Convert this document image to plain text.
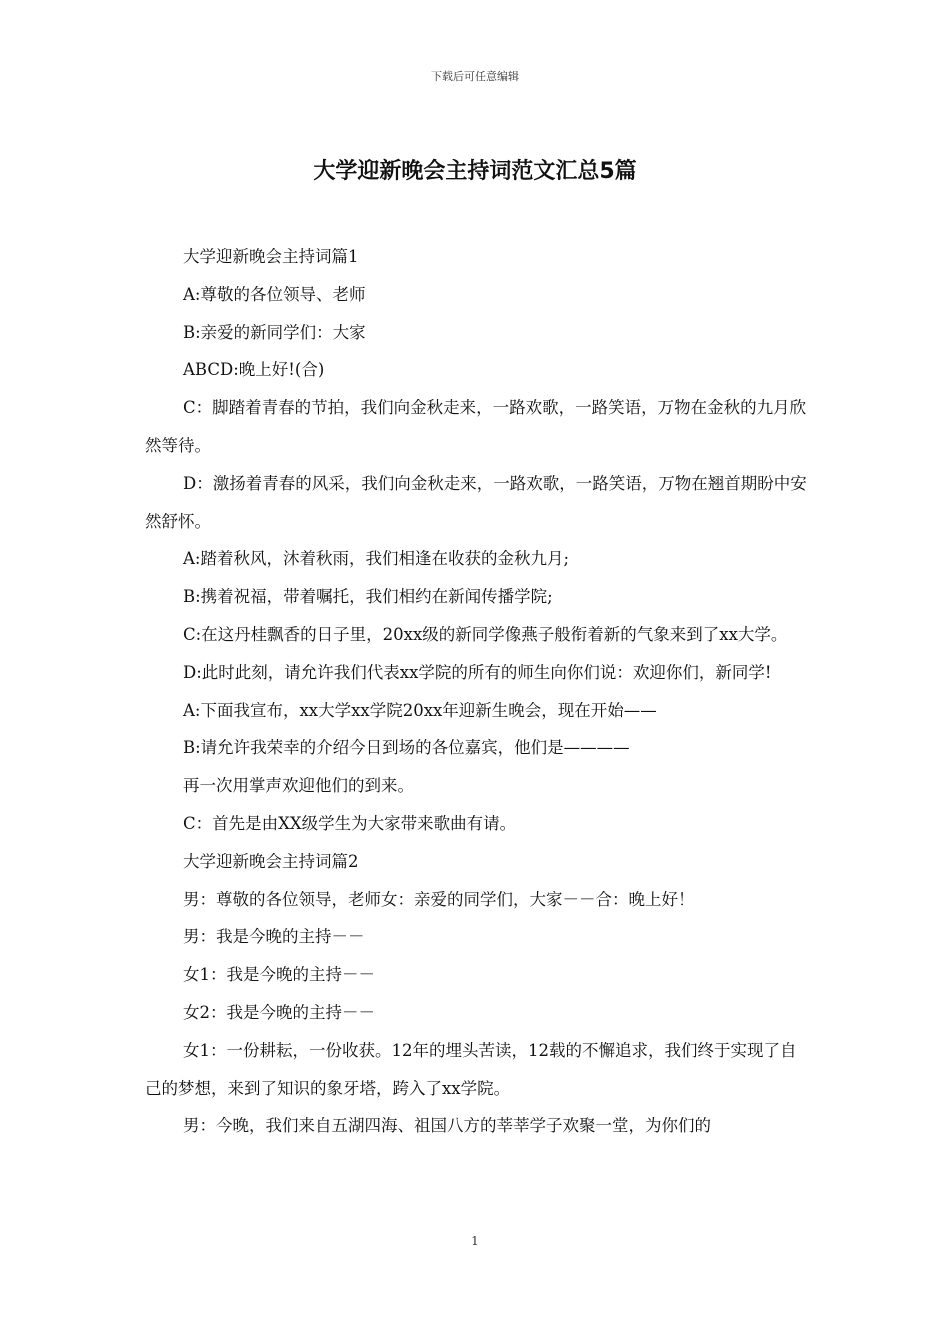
下载后可任意编辑
大学迎新晚会主持词范文汇总5篇

大学迎新晚会主持词篇1

A:尊敬的各位领导、老师

B:亲爱的新同学们：大家

ABCD:晚上好!(合)

C：脚踏着青春的节拍，我们向金秋走来，一路欢歌，一路笑语，万物在金秋的九月欣然等待。

D：激扬着青春的风采，我们向金秋走来，一路欢歌，一路笑语，万物在翘首期盼中安然舒怀。

A:踏着秋风，沐着秋雨，我们相逢在收获的金秋九月;

B:携着祝福，带着嘱托，我们相约在新闻传播学院;

C:在这丹桂飘香的日子里，20xx级的新同学像燕子般衔着新的气象来到了xx大学。

D:此时此刻，请允许我们代表xx学院的所有的师生向你们说：欢迎你们，新同学!

A:下面我宣布，xx大学xx学院20xx年迎新生晚会，现在开始——

B:请允许我荣幸的介绍今日到场的各位嘉宾，他们是————

再一次用掌声欢迎他们的到来。

C：首先是由XX级学生为大家带来歌曲有请。

大学迎新晚会主持词篇2

男：尊敬的各位领导，老师女：亲爱的同学们，大家－－合：晚上好！

男：我是今晚的主持－－

女1：我是今晚的主持－－

女2：我是今晚的主持－－

女1：一份耕耘，一份收获。12年的埋头苦读，12载的不懈追求，我们终于实现了自己的梦想，来到了知识的象牙塔，跨入了xx学院。

男：今晚，我们来自五湖四海、祖国八方的莘莘学子欢聚一堂，为你们的

1
